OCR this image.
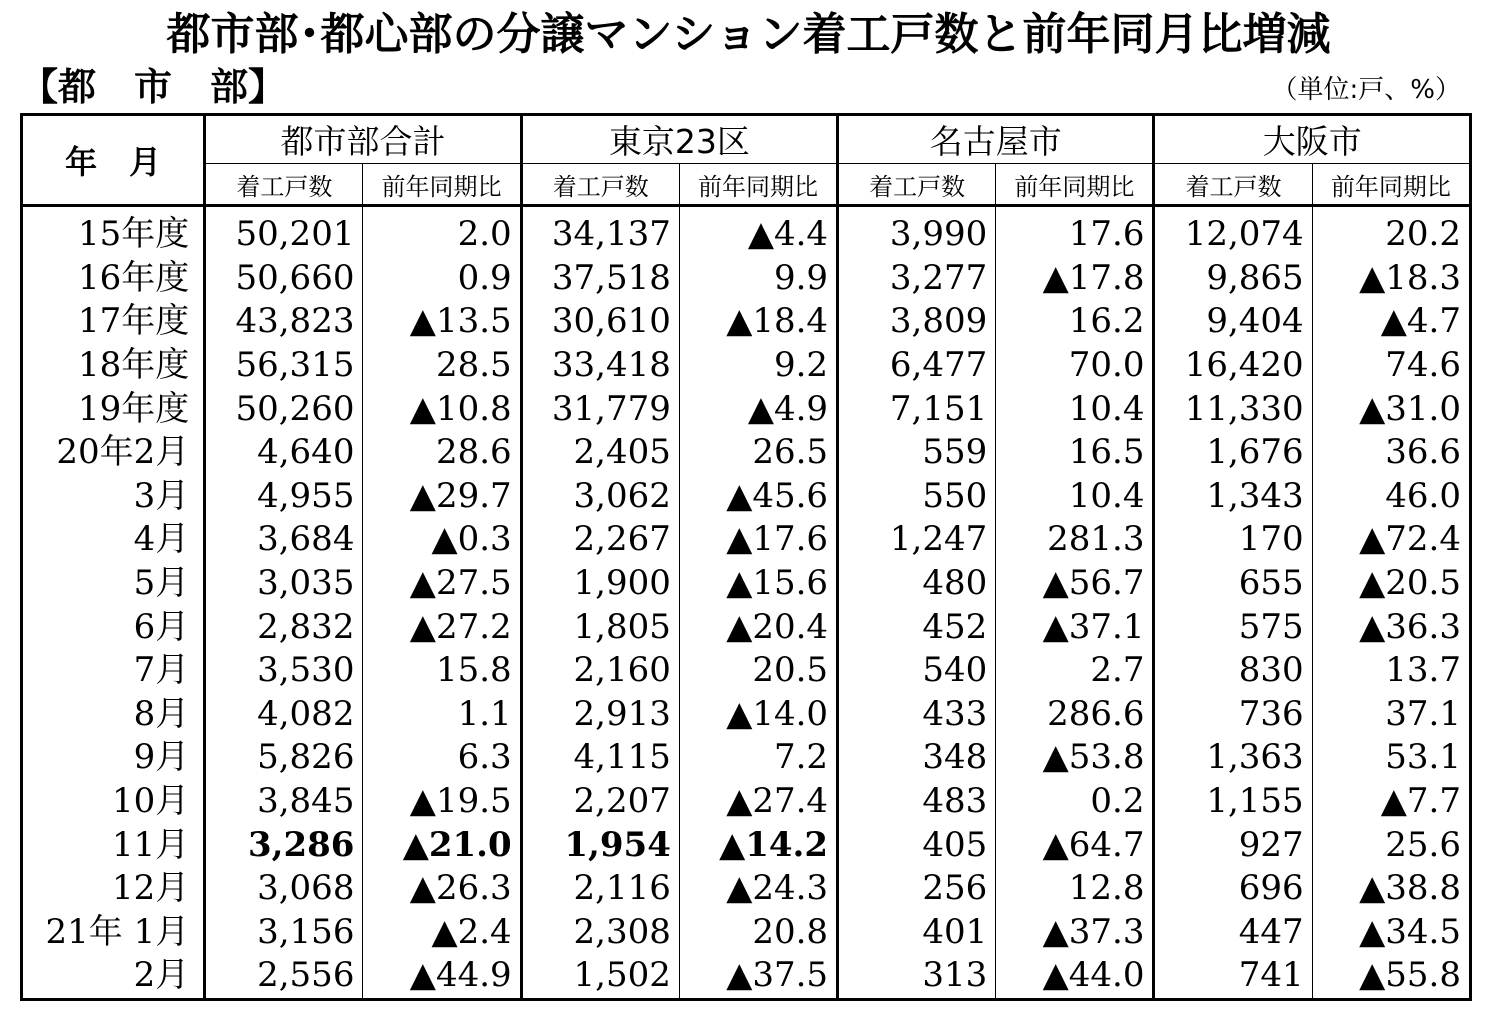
都市部･都心部の分譲マンション着工戸数と前年同月比増減
【都　市　部】	（単位:戸、%）
年　月	都市部合計		東京23区		名古屋市		大阪市	
	着工戸数	前年同期比	着工戸数	前年同期比	着工戸数	前年同期比	着工戸数	前年同期比
15年度	50,201	2.0	34,137	▲4.4	3,990	17.6	12,074	20.2
16年度	50,660	0.9	37,518	9.9	3,277	▲17.8	9,865	▲18.3
17年度	43,823	▲13.5	30,610	▲18.4	3,809	16.2	9,404	▲4.7
18年度	56,315	28.5	33,418	9.2	6,477	70.0	16,420	74.6
19年度	50,260	▲10.8	31,779	▲4.9	7,151	10.4	11,330	▲31.0
20年2月	4,640	28.6	2,405	26.5	559	16.5	1,676	36.6
3月	4,955	▲29.7	3,062	▲45.6	550	10.4	1,343	46.0
4月	3,684	▲0.3	2,267	▲17.6	1,247	281.3	170	▲72.4
5月	3,035	▲27.5	1,900	▲15.6	480	▲56.7	655	▲20.5
6月	2,832	▲27.2	1,805	▲20.4	452	▲37.1	575	▲36.3
7月	3,530	15.8	2,160	20.5	540	2.7	830	13.7
8月	4,082	1.1	2,913	▲14.0	433	286.6	736	37.1
9月	5,826	6.3	4,115	7.2	348	▲53.8	1,363	53.1
10月	3,845	▲19.5	2,207	▲27.4	483	0.2	1,155	▲7.7
11月	3,286	▲21.0	1,954	▲14.2	405	▲64.7	927	25.6
12月	3,068	▲26.3	2,116	▲24.3	256	12.8	696	▲38.8
21年 1月	3,156	▲2.4	2,308	20.8	401	▲37.3	447	▲34.5
2月	2,556	▲44.9	1,502	▲37.5	313	▲44.0	741	▲55.8
